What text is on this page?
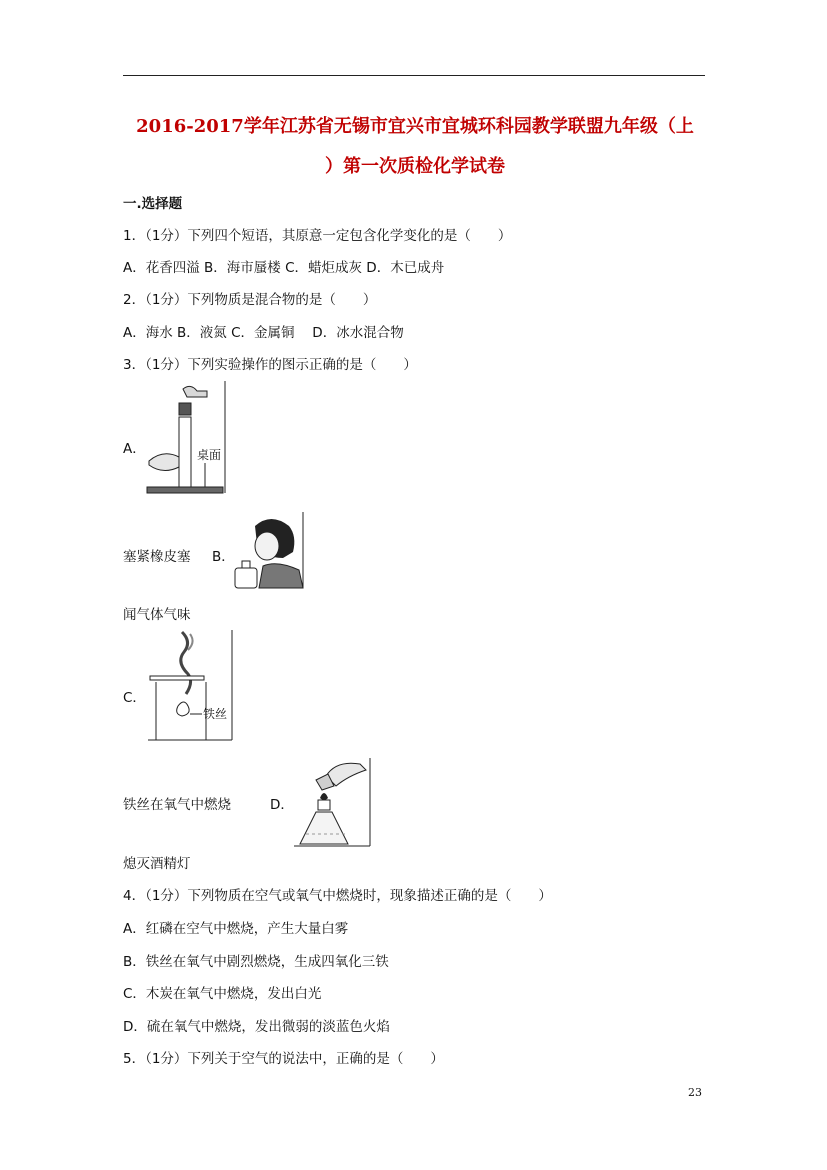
2016-2017学年江苏省无锡市宜兴市宜城环科园教学联盟九年级（上
）第一次质检化学试卷
一.选择题
1．（1分）下列四个短语，其原意一定包含化学变化的是（　　）
A．花香四溢 B．海市蜃楼 C．蜡炬成灰 D．木已成舟
2．（1分）下列物质是混合物的是（　　）
A．海水 B．液氮 C．金属铜　 D．冰水混合物
3．（1分）下列实验操作的图示正确的是（　　）
A．	桌面
塞紧橡皮塞 B．
闻气体气味
C．
铁丝
铁丝在氧气中燃烧	D．
熄灭酒精灯
4．（1分）下列物质在空气或氧气中燃烧时，现象描述正确的是（　　）
A．红磷在空气中燃烧，产生大量白雾
B．铁丝在氧气中剧烈燃烧，生成四氧化三铁
C．木炭在氧气中燃烧，发出白光
D．硫在氧气中燃烧，发出微弱的淡蓝色火焰
5．（1分）下列关于空气的说法中，正确的是（　　）
23
